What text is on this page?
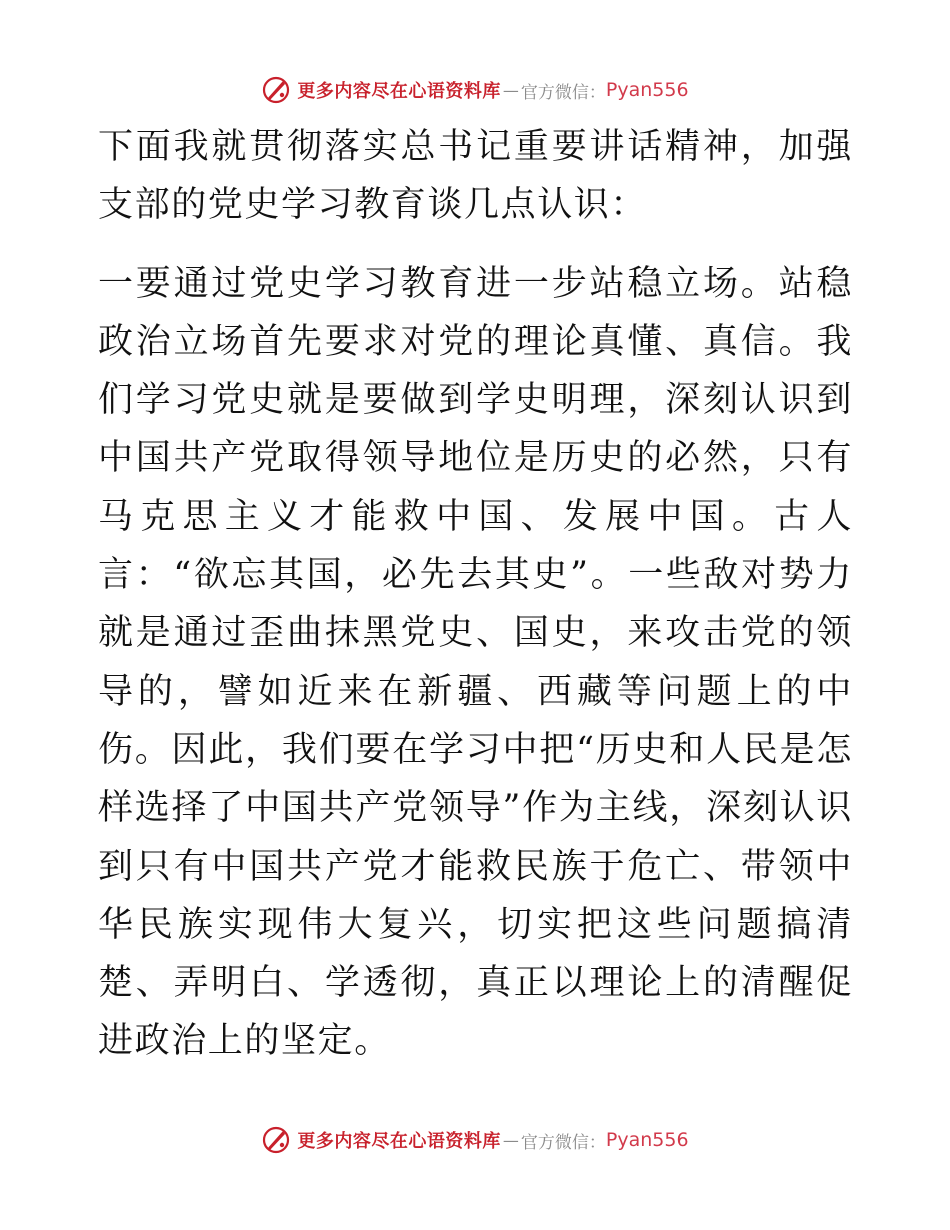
更多内容尽在心语资料库 — 官方微信： Pyan556

下面我就贯彻落实总书记重要讲话精神，加强支部的党史学习教育谈几点认识：

一要通过党史学习教育进一步站稳立场。站稳政治立场首先要求对党的理论真懂、真信。我们学习党史就是要做到学史明理，深刻认识到中国共产党取得领导地位是历史的必然，只有马克思主义才能救中国、发展中国。古人言：“欲忘其国，必先去其史”。一些敌对势力就是通过歪曲抹黑党史、国史，来攻击党的领导的，譬如近来在新疆、西藏等问题上的中伤。因此，我们要在学习中把“历史和人民是怎样选择了中国共产党领导”作为主线，深刻认识到只有中国共产党才能救民族于危亡、带领中华民族实现伟大复兴，切实把这些问题搞清楚、弄明白、学透彻，真正以理论上的清醒促进政治上的坚定。

更多内容尽在心语资料库 — 官方微信： Pyan556
